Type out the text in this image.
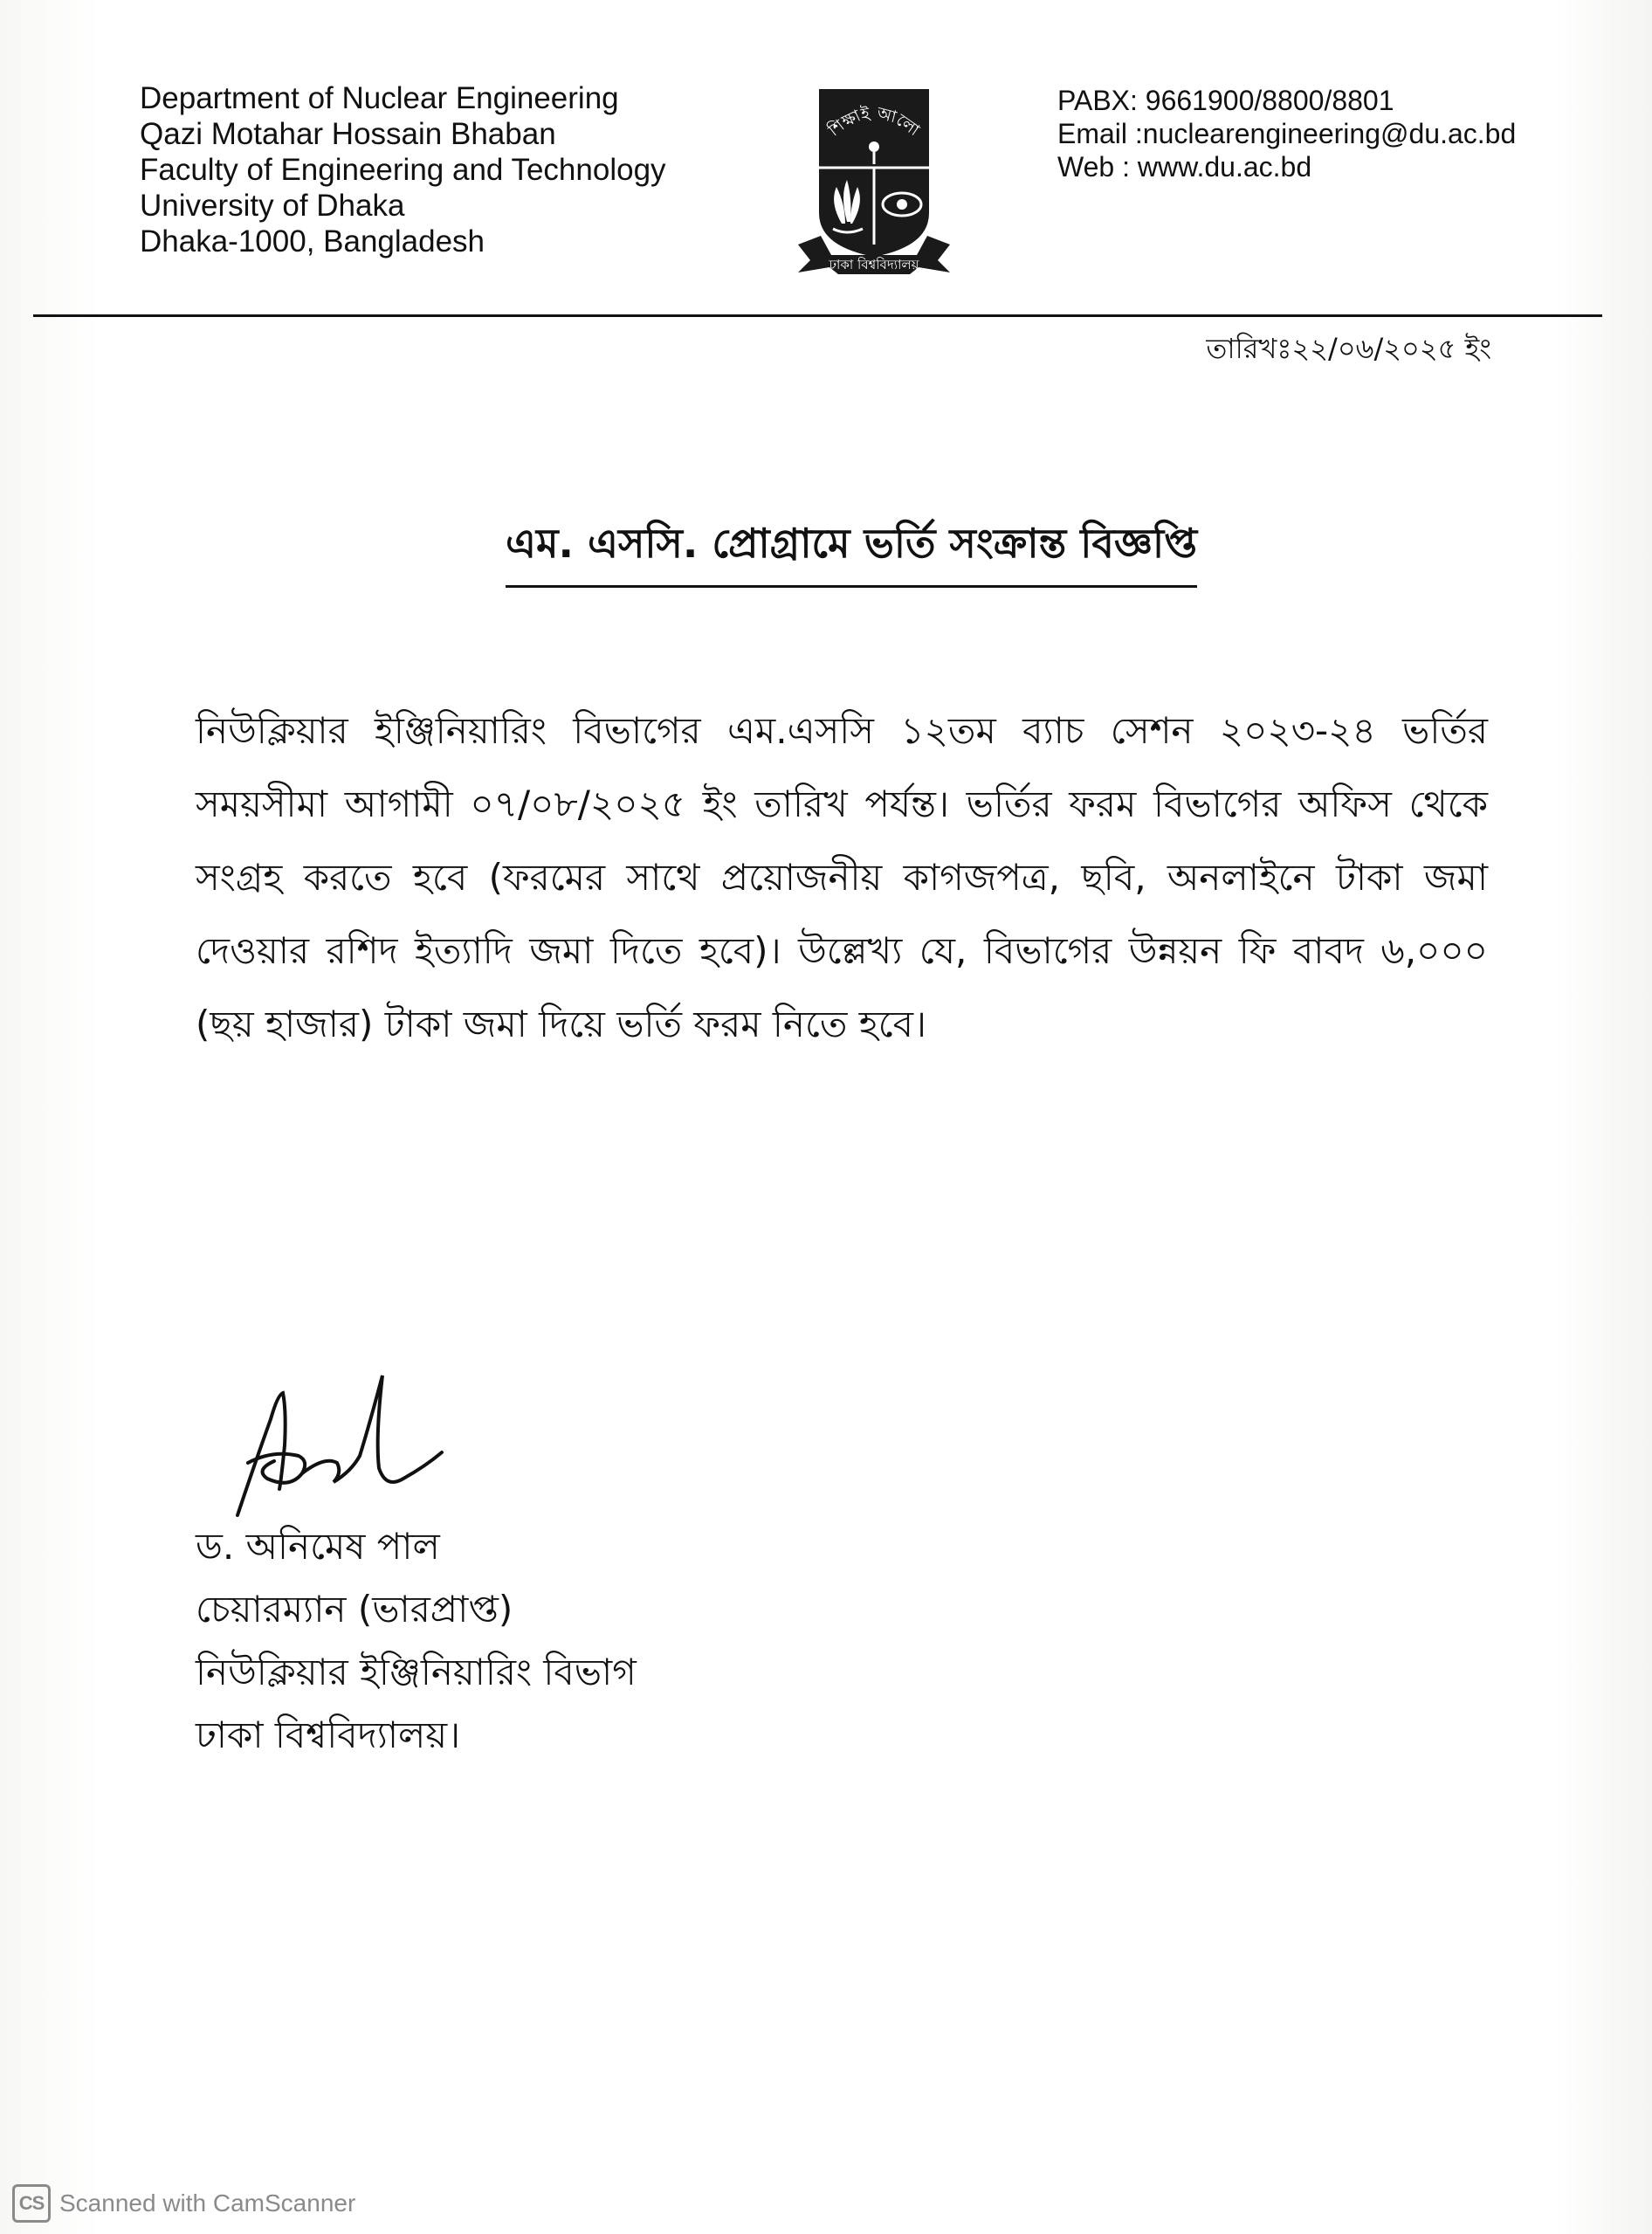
Department of Nuclear Engineering
Qazi Motahar Hossain Bhaban
Faculty of Engineering and Technology
University of Dhaka
Dhaka-1000, Bangladesh
শিক্ষাই আলো
ঢাকা বিশ্ববিদ্যালয়
PABX: 9661900/8800/8801
Email :nuclearengineering@du.ac.bd
Web : www.du.ac.bd
তারিখঃ২২/০৬/২০২৫ ইং
এম. এসসি. প্রোগ্রামে ভর্তি সংক্রান্ত বিজ্ঞপ্তি
নিউক্লিয়ার ইঞ্জিনিয়ারিং বিভাগের এম.এসসি ১২তম ব্যাচ সেশন ২০২৩-২৪ ভর্তির সময়সীমা আগামী ০৭/০৮/২০২৫ ইং তারিখ পর্যন্ত। ভর্তির ফরম বিভাগের অফিস থেকে সংগ্রহ করতে হবে (ফরমের সাথে প্রয়োজনীয় কাগজপত্র, ছবি, অনলাইনে টাকা জমা দেওয়ার রশিদ ইত্যাদি জমা দিতে হবে)। উল্লেখ্য যে, বিভাগের উন্নয়ন ফি বাবদ ৬,০০০ (ছয় হাজার) টাকা জমা দিয়ে ভর্তি ফরম নিতে হবে।
ড. অনিমেষ পাল
চেয়ারম্যান (ভারপ্রাপ্ত)
নিউক্লিয়ার ইঞ্জিনিয়ারিং বিভাগ
ঢাকা বিশ্ববিদ্যালয়।
CS Scanned with CamScanner
